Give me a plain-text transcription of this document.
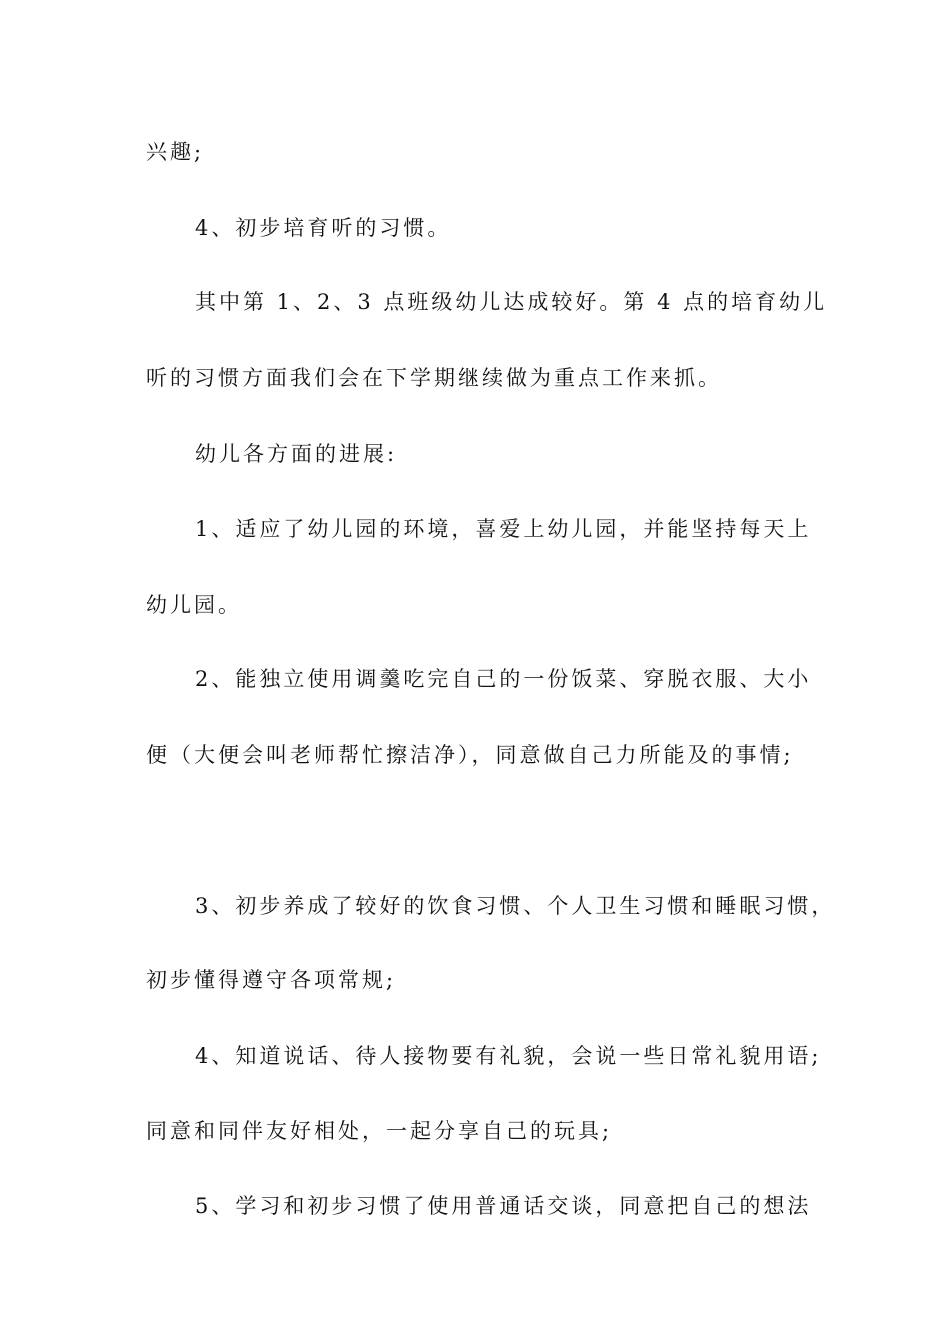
兴趣;
4、初步培育听的习惯。
其中第 1、2、3 点班级幼儿达成较好。第 4 点的培育幼儿
听的习惯方面我们会在下学期继续做为重点工作来抓。
幼儿各方面的进展:
1、适应了幼儿园的环境，喜爱上幼儿园，并能坚持每天上
幼儿园。
2、能独立使用调羹吃完自己的一份饭菜、穿脱衣服、大小
便（大便会叫老师帮忙擦洁净），同意做自己力所能及的事情;
3、初步养成了较好的饮食习惯、个人卫生习惯和睡眠习惯，
初步懂得遵守各项常规;
4、知道说话、待人接物要有礼貌，会说一些日常礼貌用语;
同意和同伴友好相处，一起分享自己的玩具;
5、学习和初步习惯了使用普通话交谈，同意把自己的想法
